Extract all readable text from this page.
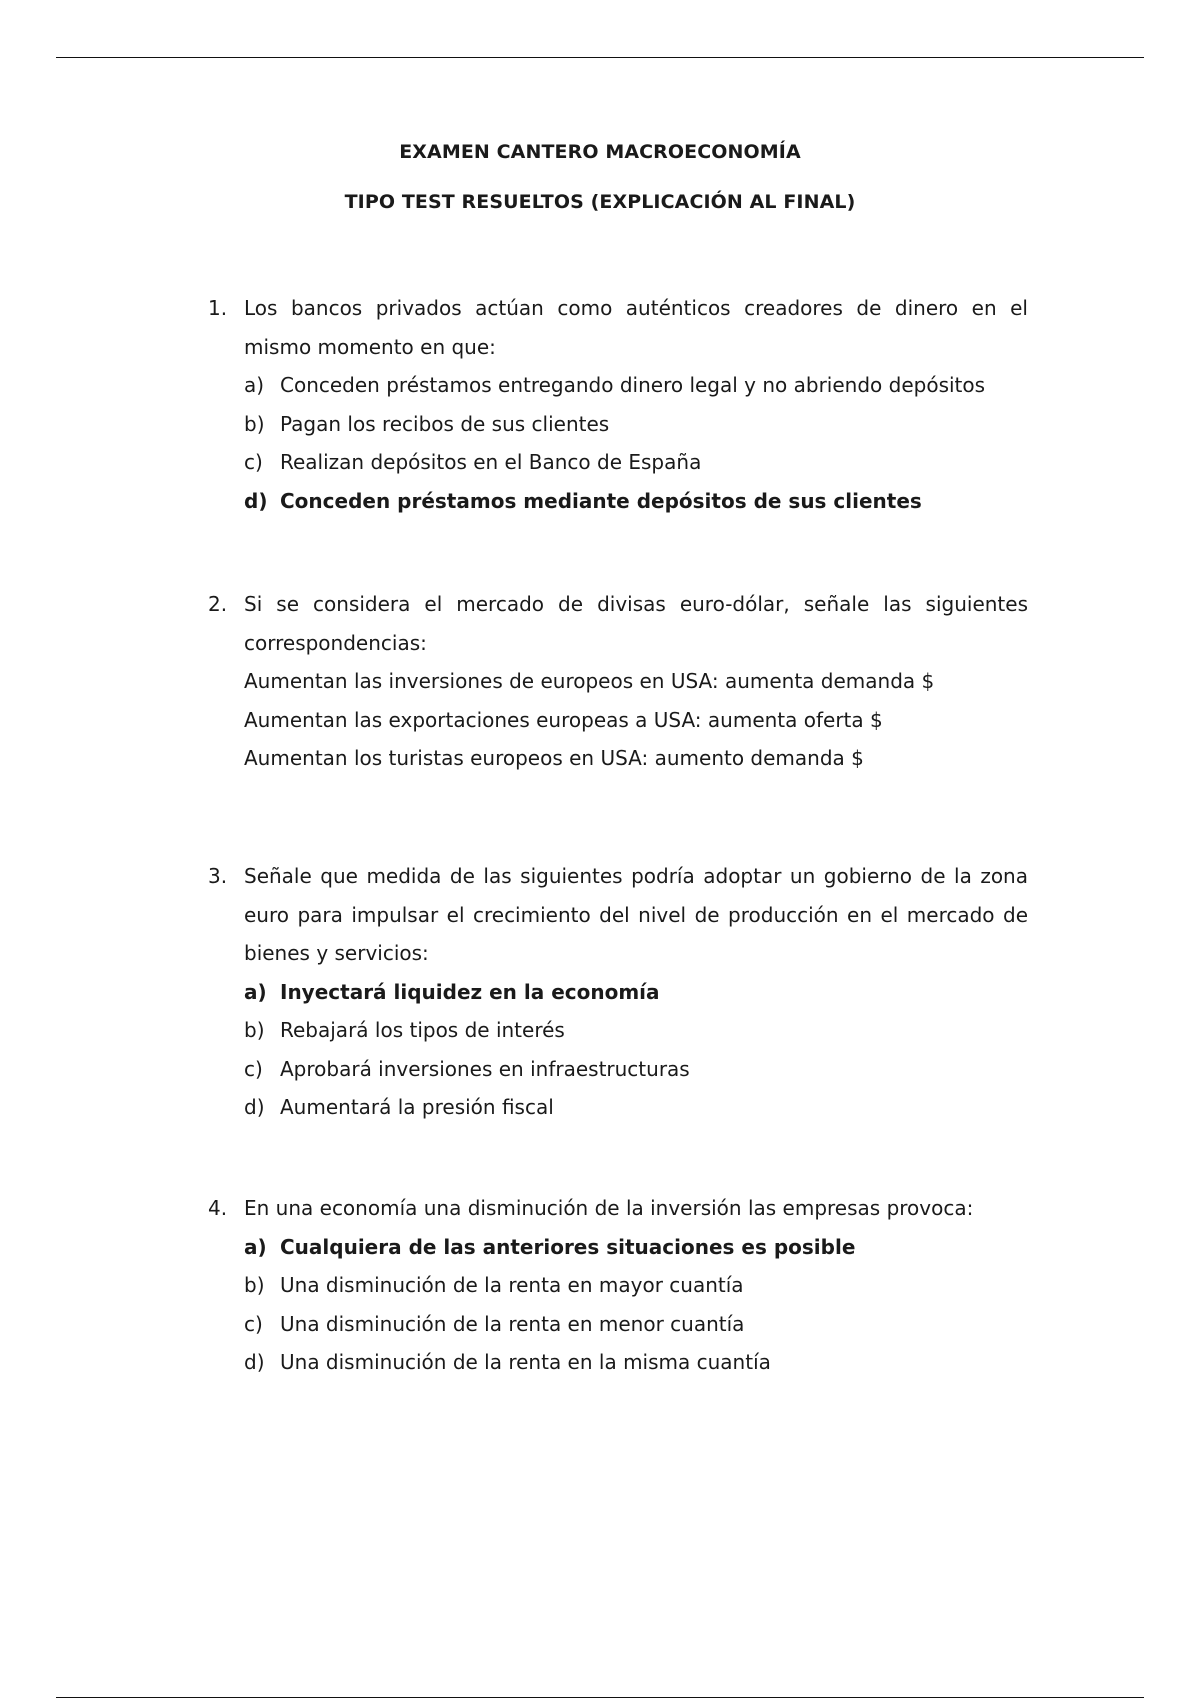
EXAMEN CANTERO MACROECONOMÍA
TIPO TEST RESUELTOS (EXPLICACIÓN AL FINAL)
1. Los bancos privados actúan como auténticos creadores de dinero en el mismo momento en que:
a) Conceden préstamos entregando dinero legal y no abriendo depósitos
b) Pagan los recibos de sus clientes
c) Realizan depósitos en el Banco de España
d) Conceden préstamos mediante depósitos de sus clientes
2. Si se considera el mercado de divisas euro-dólar, señale las siguientes correspondencias:
Aumentan las inversiones de europeos en USA: aumenta demanda $
Aumentan las exportaciones europeas a USA: aumenta oferta $
Aumentan los turistas europeos en USA: aumento demanda $
3. Señale que medida de las siguientes podría adoptar un gobierno de la zona euro para impulsar el crecimiento del nivel de producción en el mercado de bienes y servicios:
a) Inyectará liquidez en la economía
b) Rebajará los tipos de interés
c) Aprobará inversiones en infraestructuras
d) Aumentará la presión fiscal
4. En una economía una disminución de la inversión las empresas provoca:
a) Cualquiera de las anteriores situaciones es posible
b) Una disminución de la renta en mayor cuantía
c) Una disminución de la renta en menor cuantía
d) Una disminución de la renta en la misma cuantía
